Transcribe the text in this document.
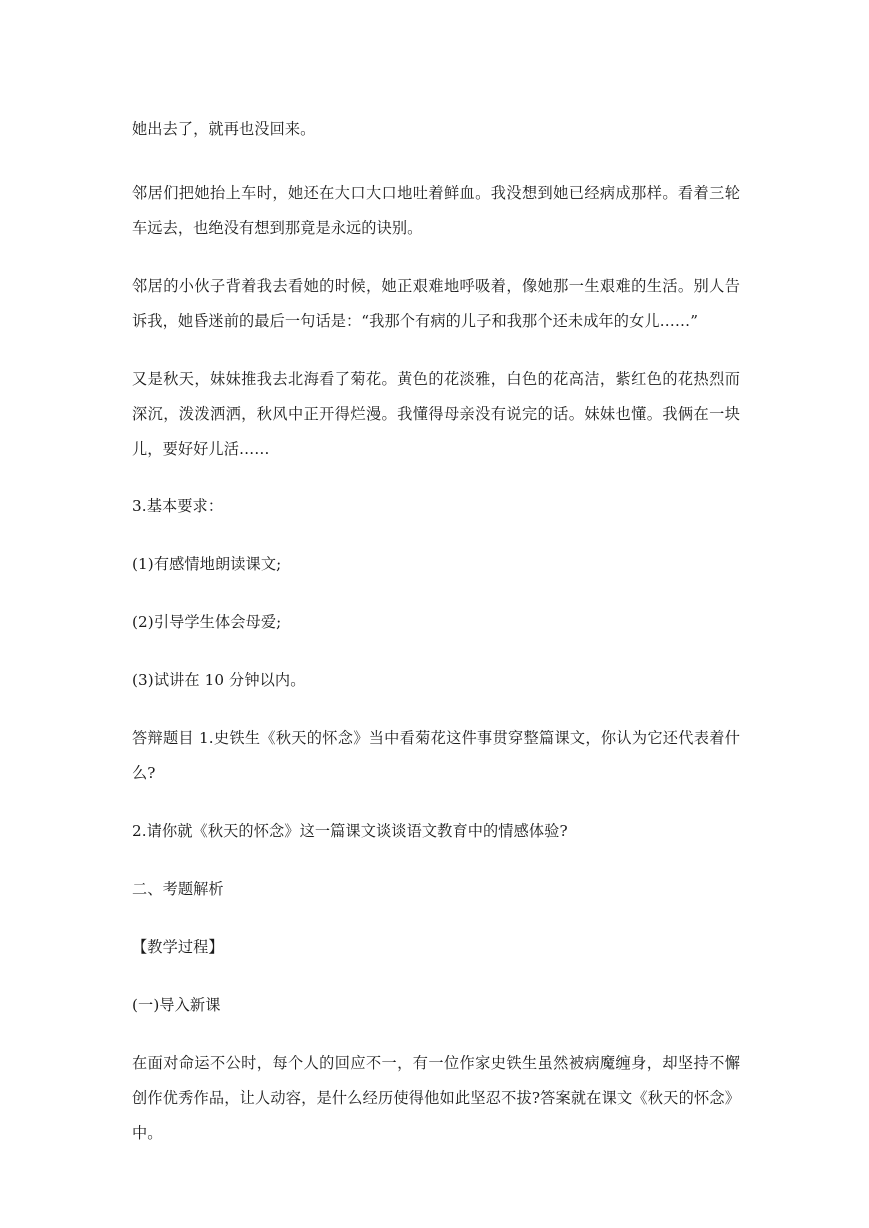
她出去了，就再也没回来。

邻居们把她抬上车时，她还在大口大口地吐着鲜血。我没想到她已经病成那样。看着三轮车远去，也绝没有想到那竟是永远的诀别。

邻居的小伙子背着我去看她的时候，她正艰难地呼吸着，像她那一生艰难的生活。别人告诉我，她昏迷前的最后一句话是：“我那个有病的儿子和我那个还未成年的女儿……”

又是秋天，妹妹推我去北海看了菊花。黄色的花淡雅，白色的花高洁，紫红色的花热烈而深沉，泼泼洒洒，秋风中正开得烂漫。我懂得母亲没有说完的话。妹妹也懂。我俩在一块儿，要好好儿活……

3.基本要求：

(1)有感情地朗读课文;

(2)引导学生体会母爱;

(3)试讲在 10 分钟以内。

答辩题目 1.史铁生《秋天的怀念》当中看菊花这件事贯穿整篇课文，你认为它还代表着什么?

2.请你就《秋天的怀念》这一篇课文谈谈语文教育中的情感体验?

二、考题解析

【教学过程】

(一)导入新课

在面对命运不公时，每个人的回应不一，有一位作家史铁生虽然被病魔缠身，却坚持不懈创作优秀作品，让人动容，是什么经历使得他如此坚忍不拔?答案就在课文《秋天的怀念》中。
